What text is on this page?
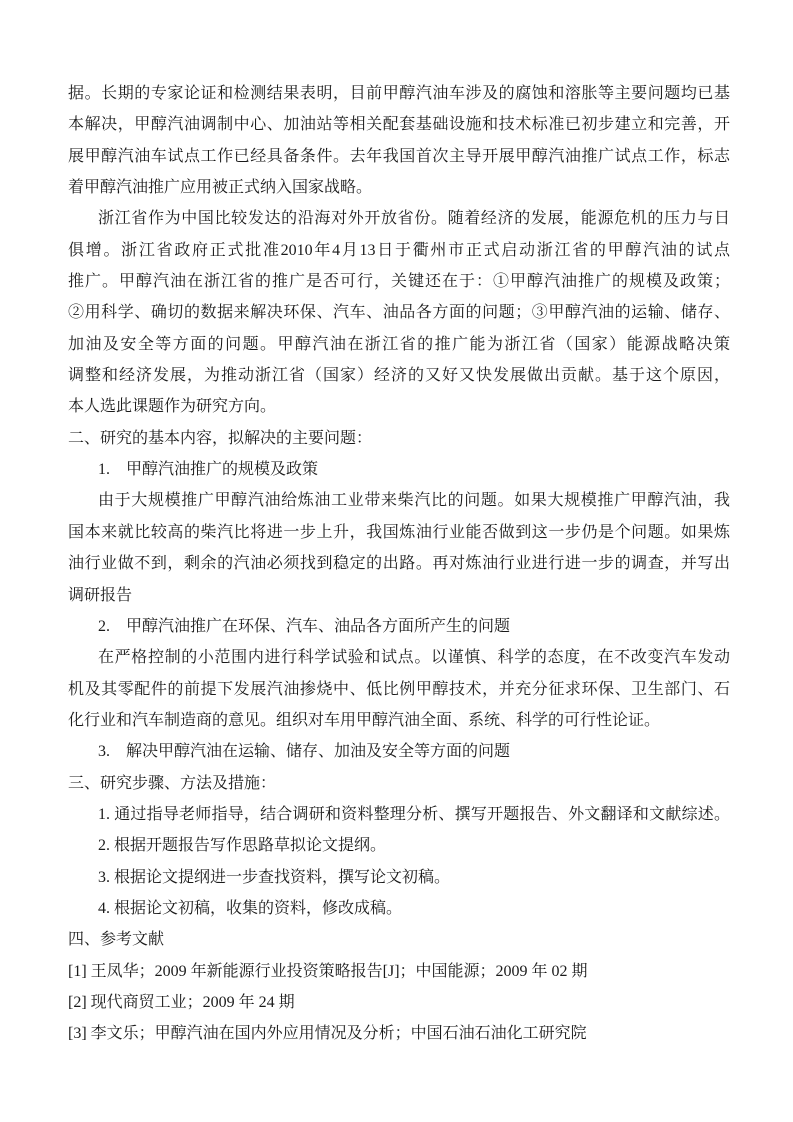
据。长期的专家论证和检测结果表明，目前甲醇汽油车涉及的腐蚀和溶胀等主要问题均已基
本解决，甲醇汽油调制中心、加油站等相关配套基础设施和技术标准已初步建立和完善，开
展甲醇汽油车试点工作已经具备条件。去年我国首次主导开展甲醇汽油推广试点工作，标志
着甲醇汽油推广应用被正式纳入国家战略。
浙江省作为中国比较发达的沿海对外开放省份。随着经济的发展，能源危机的压力与日
俱增。浙江省政府正式批准2010年4月13日于衢州市正式启动浙江省的甲醇汽油的试点
推广。甲醇汽油在浙江省的推广是否可行，关键还在于：①甲醇汽油推广的规模及政策；
②用科学、确切的数据来解决环保、汽车、油品各方面的问题；③甲醇汽油的运输、储存、
加油及安全等方面的问题。甲醇汽油在浙江省的推广能为浙江省（国家）能源战略决策
调整和经济发展，为推动浙江省（国家）经济的又好又快发展做出贡献。基于这个原因，
本人选此课题作为研究方向。
二、研究的基本内容，拟解决的主要问题：
1.　甲醇汽油推广的规模及政策
由于大规模推广甲醇汽油给炼油工业带来柴汽比的问题。如果大规模推广甲醇汽油，我
国本来就比较高的柴汽比将进一步上升，我国炼油行业能否做到这一步仍是个问题。如果炼
油行业做不到，剩余的汽油必须找到稳定的出路。再对炼油行业进行进一步的调查，并写出
调研报告
2.　甲醇汽油推广在环保、汽车、油品各方面所产生的问题
在严格控制的小范围内进行科学试验和试点。以谨慎、科学的态度，在不改变汽车发动
机及其零配件的前提下发展汽油掺烧中、低比例甲醇技术，并充分征求环保、卫生部门、石
化行业和汽车制造商的意见。组织对车用甲醇汽油全面、系统、科学的可行性论证。
3.　解决甲醇汽油在运输、储存、加油及安全等方面的问题
三、研究步骤、方法及措施：
1. 通过指导老师指导，结合调研和资料整理分析、撰写开题报告、外文翻译和文献综述。
2. 根据开题报告写作思路草拟论文提纲。
3. 根据论文提纲进一步查找资料，撰写论文初稿。
4. 根据论文初稿，收集的资料，修改成稿。
四、参考文献
[1] 王凤华；2009 年新能源行业投资策略报告[J]；中国能源；2009 年 02 期
[2] 现代商贸工业；2009 年 24 期
[3] 李文乐；甲醇汽油在国内外应用情况及分析；中国石油石油化工研究院
